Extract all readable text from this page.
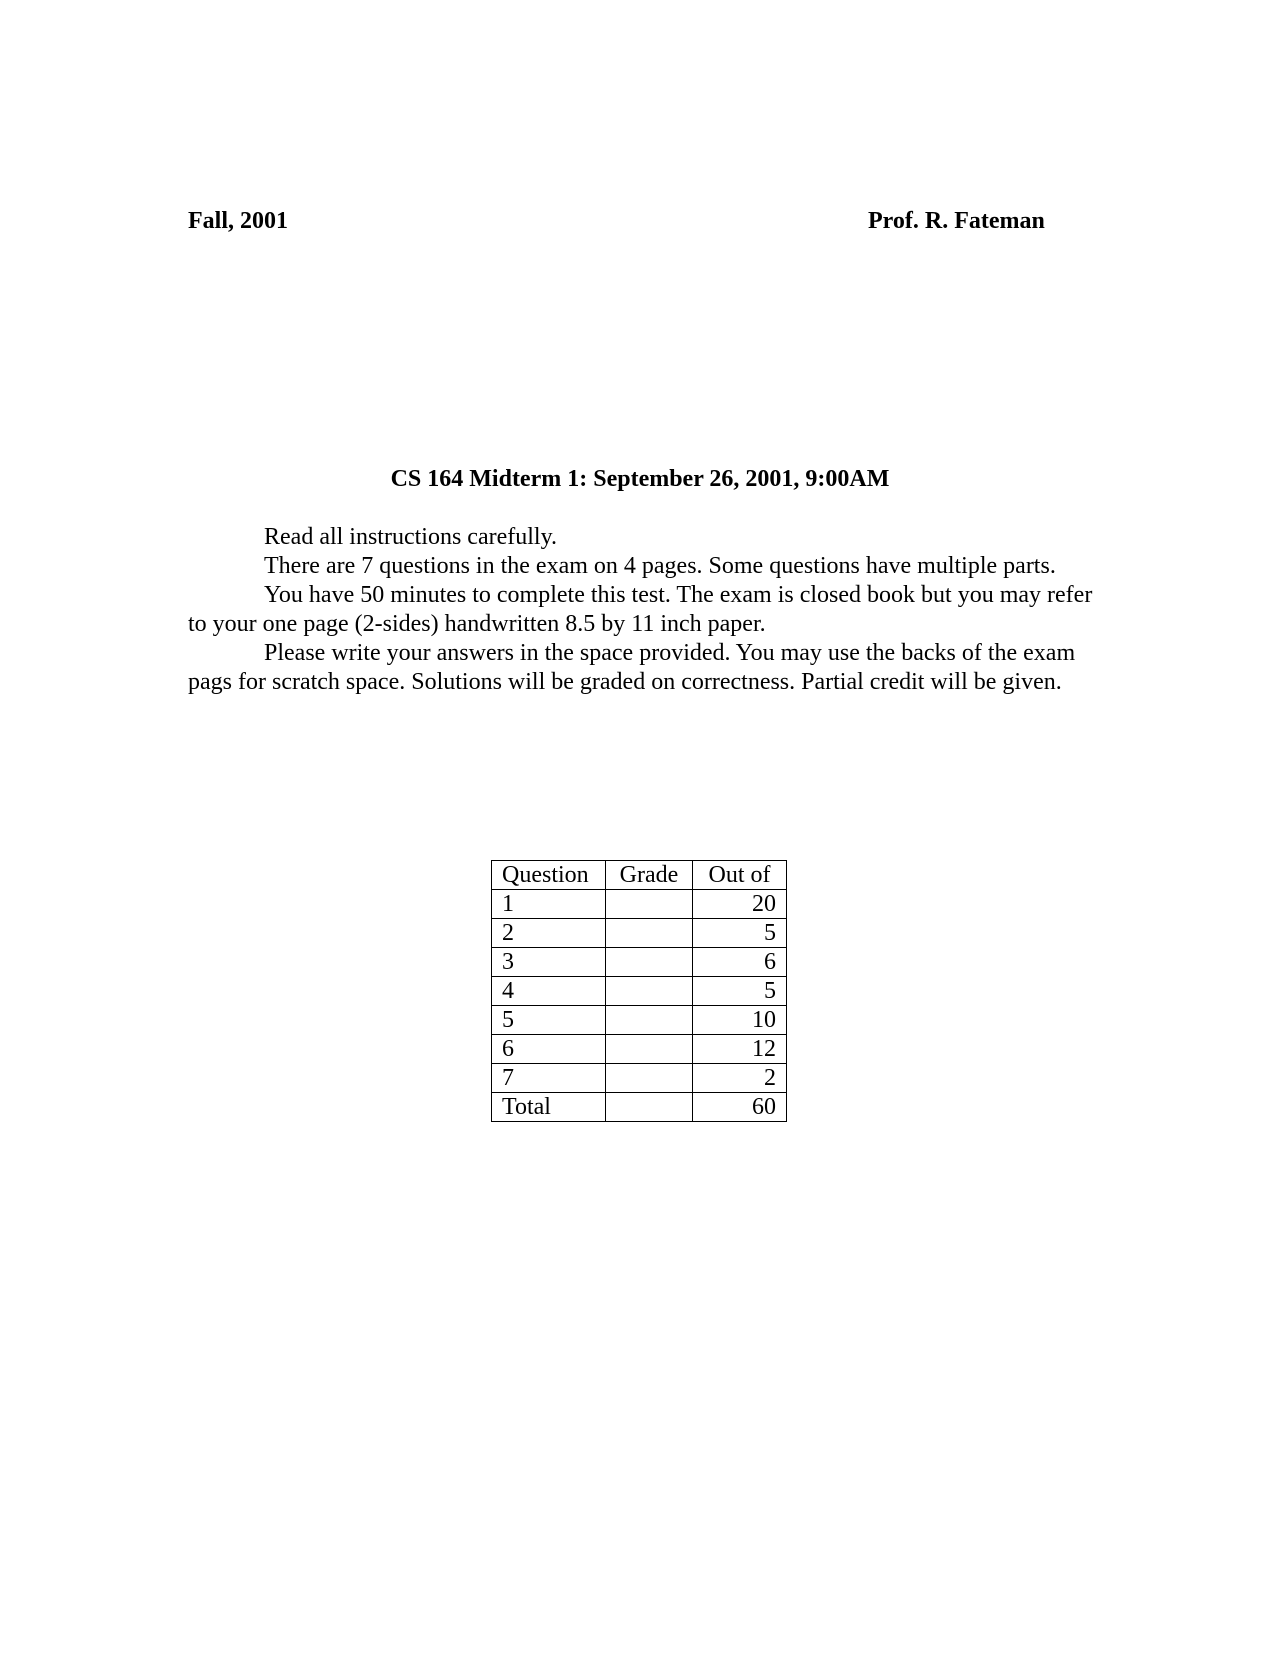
Fall, 2001	Prof. R. Fateman
CS 164 Midterm 1: September 26, 2001, 9:00AM

Read all instructions carefully.

There are 7 questions in the exam on 4 pages. Some questions have multiple parts.

You have 50 minutes to complete this test. The exam is closed book but you may refer to your one page (2-sides) handwritten 8.5 by 11 inch paper.

Please write your answers in the space provided. You may use the backs of the exam pags for scratch space. Solutions will be graded on correctness. Partial credit will be given.

Question	Grade	Out of
1		20
2		5
3		6
4		5
5		10
6		12
7		2
Total		60
